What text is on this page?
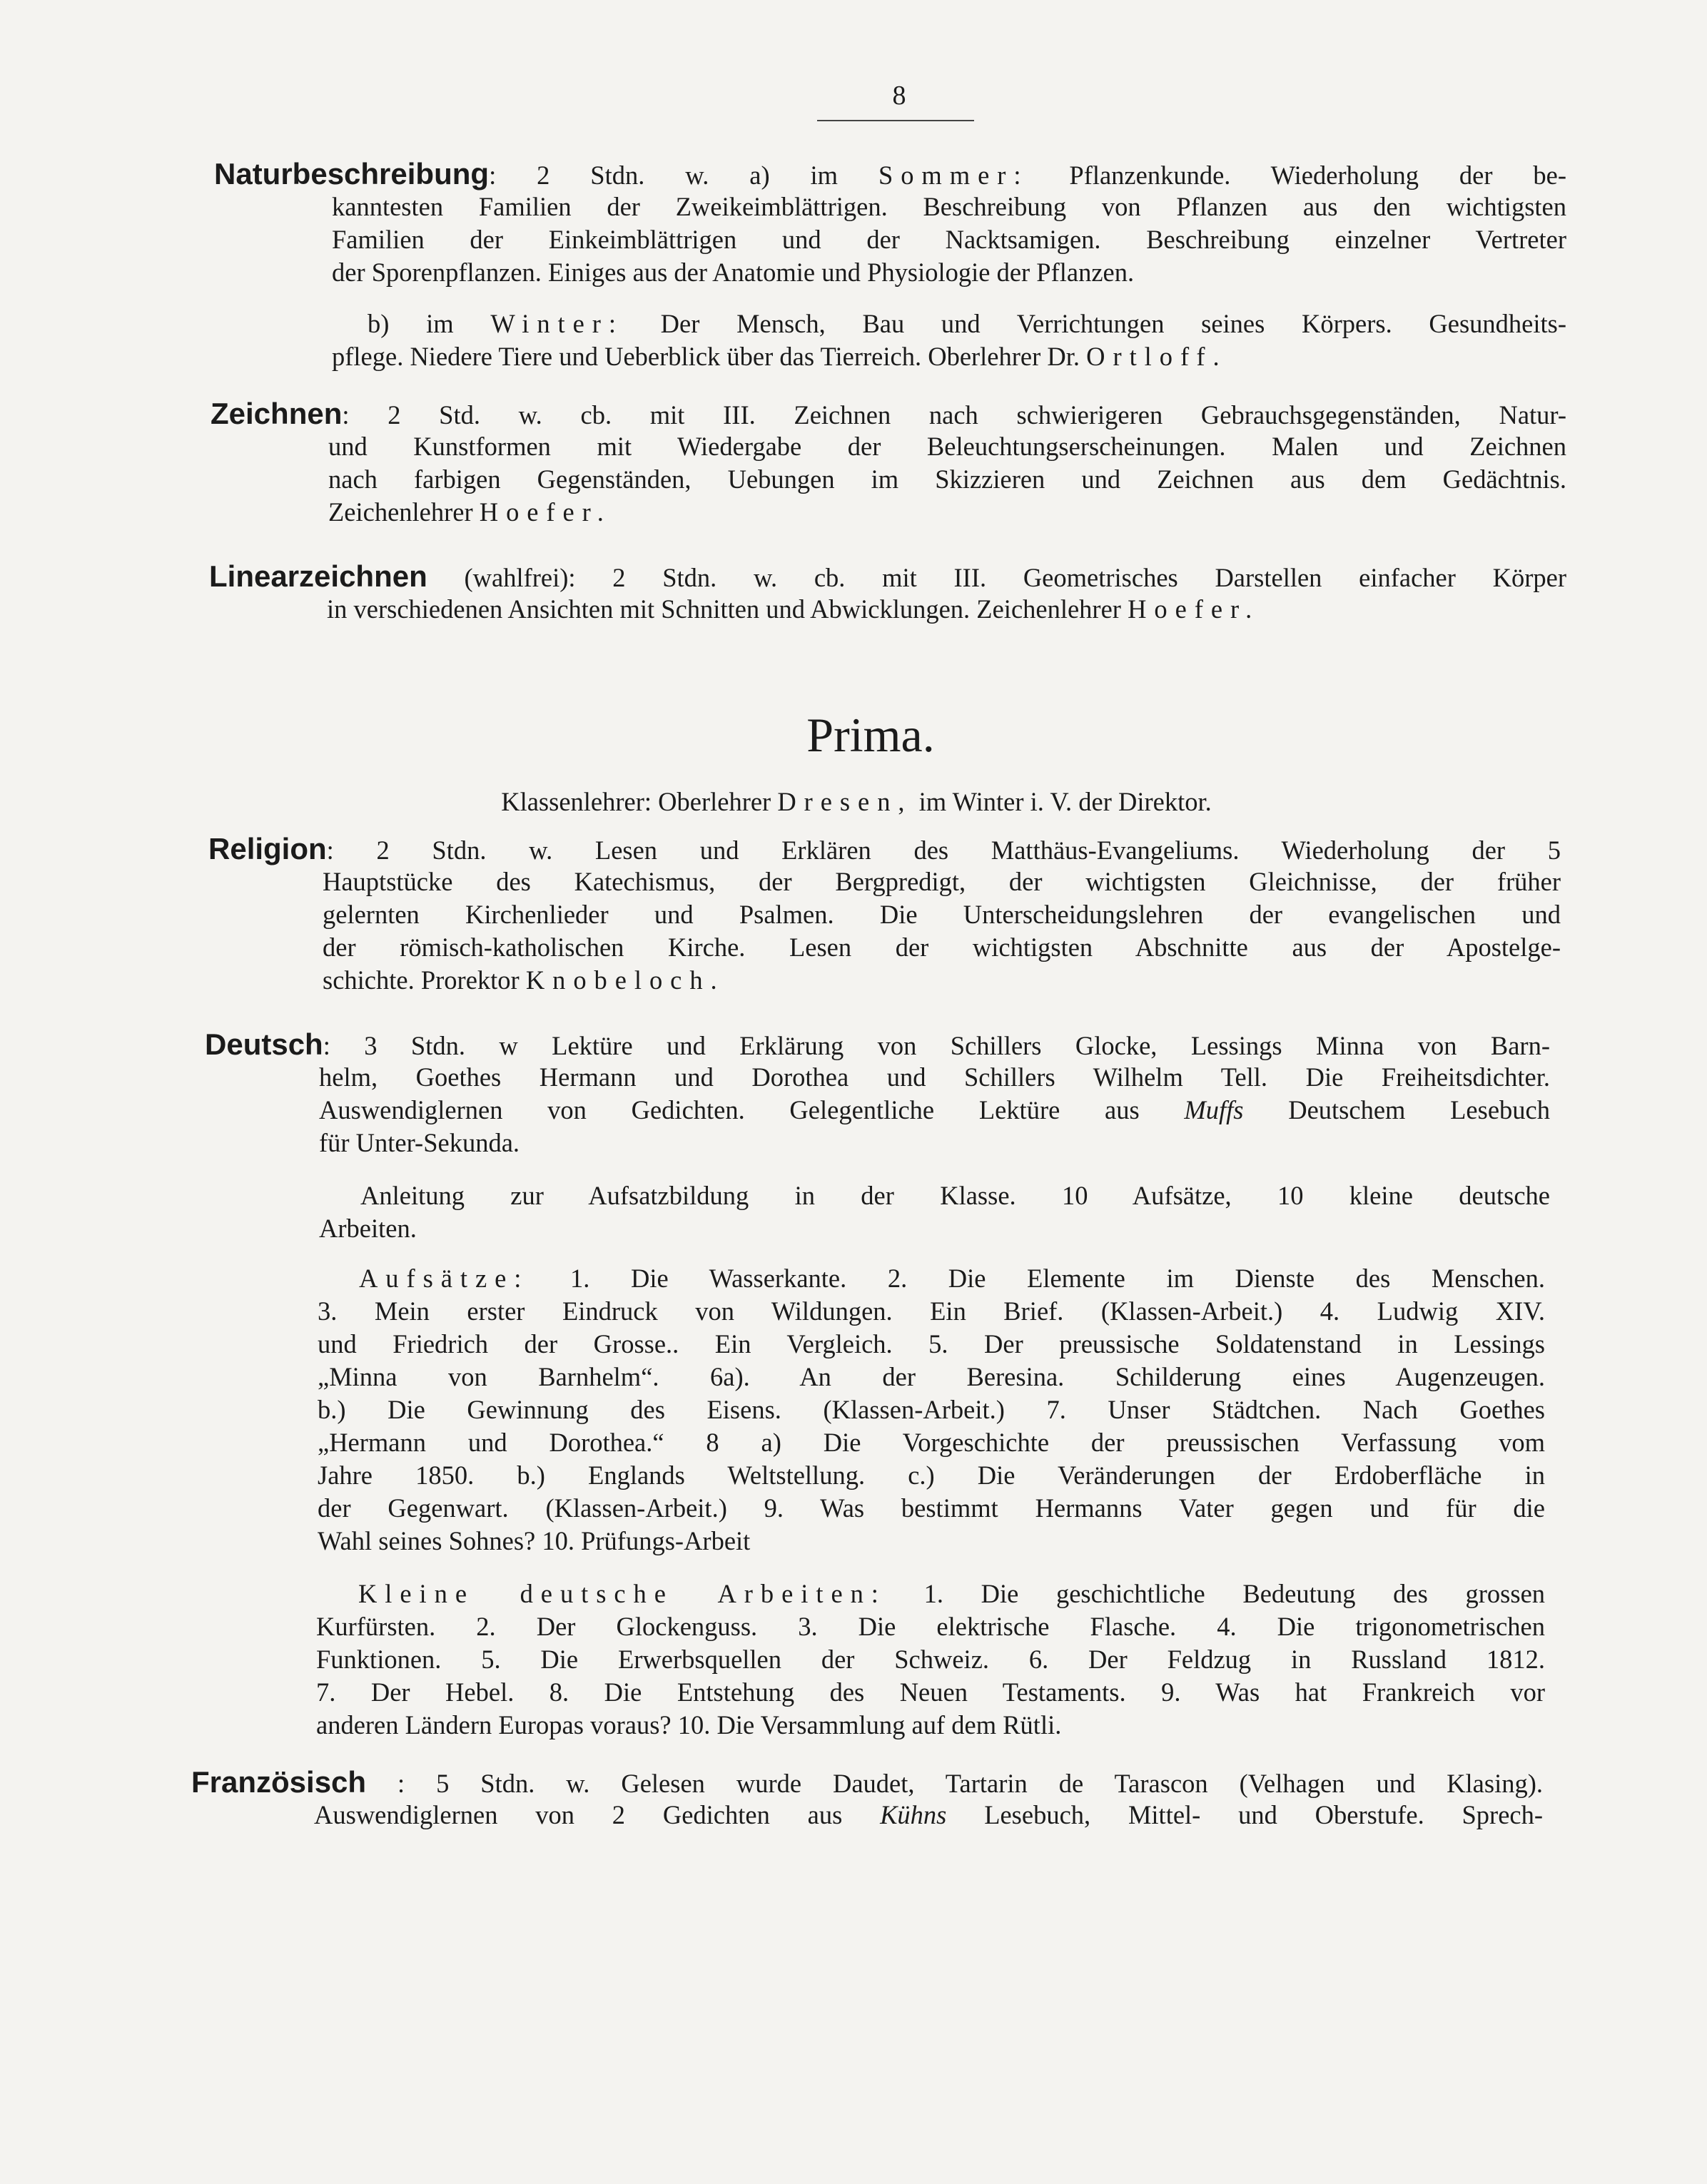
8
Naturbeschreibung: 2 Stdn. w. a) im Sommer: Pflanzenkunde. Wiederholung der be-
kanntesten Familien der Zweikeimblättrigen. Beschreibung von Pflanzen aus den wichtigsten
Familien der Einkeimblättrigen und der Nacktsamigen. Beschreibung einzelner Vertreter
der Sporenpflanzen. Einiges aus der Anatomie und Physiologie der Pflanzen.
b) im Winter: Der Mensch, Bau und Verrichtungen seines Körpers. Gesundheits-
pflege. Niedere Tiere und Ueberblick über das Tierreich. Oberlehrer Dr. Ortloff.
Zeichnen: 2 Std. w. cb. mit III. Zeichnen nach schwierigeren Gebrauchsgegenständen, Natur-
und Kunstformen mit Wiedergabe der Beleuchtungserscheinungen. Malen und Zeichnen
nach farbigen Gegenständen, Uebungen im Skizzieren und Zeichnen aus dem Gedächtnis.
Zeichenlehrer Hoefer.
Linearzeichnen (wahlfrei): 2 Stdn. w. cb. mit III. Geometrisches Darstellen einfacher Körper
in verschiedenen Ansichten mit Schnitten und Abwicklungen. Zeichenlehrer Hoefer.
Prima.
Klassenlehrer: Oberlehrer Dresen, im Winter i. V. der Direktor.
Religion: 2 Stdn. w. Lesen und Erklären des Matthäus-Evangeliums. Wiederholung der 5
Hauptstücke des Katechismus, der Bergpredigt, der wichtigsten Gleichnisse, der früher
gelernten Kirchenlieder und Psalmen. Die Unterscheidungslehren der evangelischen und
der römisch-katholischen Kirche. Lesen der wichtigsten Abschnitte aus der Apostelge-
schichte. Prorektor Knobeloch.
Deutsch: 3 Stdn. w Lektüre und Erklärung von Schillers Glocke, Lessings Minna von Barn-
helm, Goethes Hermann und Dorothea und Schillers Wilhelm Tell. Die Freiheitsdichter.
Auswendiglernen von Gedichten. Gelegentliche Lektüre aus Muffs Deutschem Lesebuch
für Unter-Sekunda.
Anleitung zur Aufsatzbildung in der Klasse. 10 Aufsätze, 10 kleine deutsche
Arbeiten.
Aufsätze: 1. Die Wasserkante. 2. Die Elemente im Dienste des Menschen.
3. Mein erster Eindruck von Wildungen. Ein Brief. (Klassen-Arbeit.) 4. Ludwig XIV.
und Friedrich der Grosse.. Ein Vergleich. 5. Der preussische Soldatenstand in Lessings
„Minna von Barnhelm“. 6a). An der Beresina. Schilderung eines Augenzeugen.
b.) Die Gewinnung des Eisens. (Klassen-Arbeit.) 7. Unser Städtchen. Nach Goethes
„Hermann und Dorothea.“ 8 a) Die Vorgeschichte der preussischen Verfassung vom
Jahre 1850. b.) Englands Weltstellung. c.) Die Veränderungen der Erdoberfläche in
der Gegenwart. (Klassen-Arbeit.) 9. Was bestimmt Hermanns Vater gegen und für die
Wahl seines Sohnes? 10. Prüfungs-Arbeit
Kleine deutsche Arbeiten: 1. Die geschichtliche Bedeutung des grossen
Kurfürsten. 2. Der Glockenguss. 3. Die elektrische Flasche. 4. Die trigonometrischen
Funktionen. 5. Die Erwerbsquellen der Schweiz. 6. Der Feldzug in Russland 1812.
7. Der Hebel. 8. Die Entstehung des Neuen Testaments. 9. Was hat Frankreich vor
anderen Ländern Europas voraus? 10. Die Versammlung auf dem Rütli.
Französisch : 5 Stdn. w. Gelesen wurde Daudet, Tartarin de Tarascon (Velhagen und Klasing).
Auswendiglernen von 2 Gedichten aus Kühns Lesebuch, Mittel- und Oberstufe. Sprech-
